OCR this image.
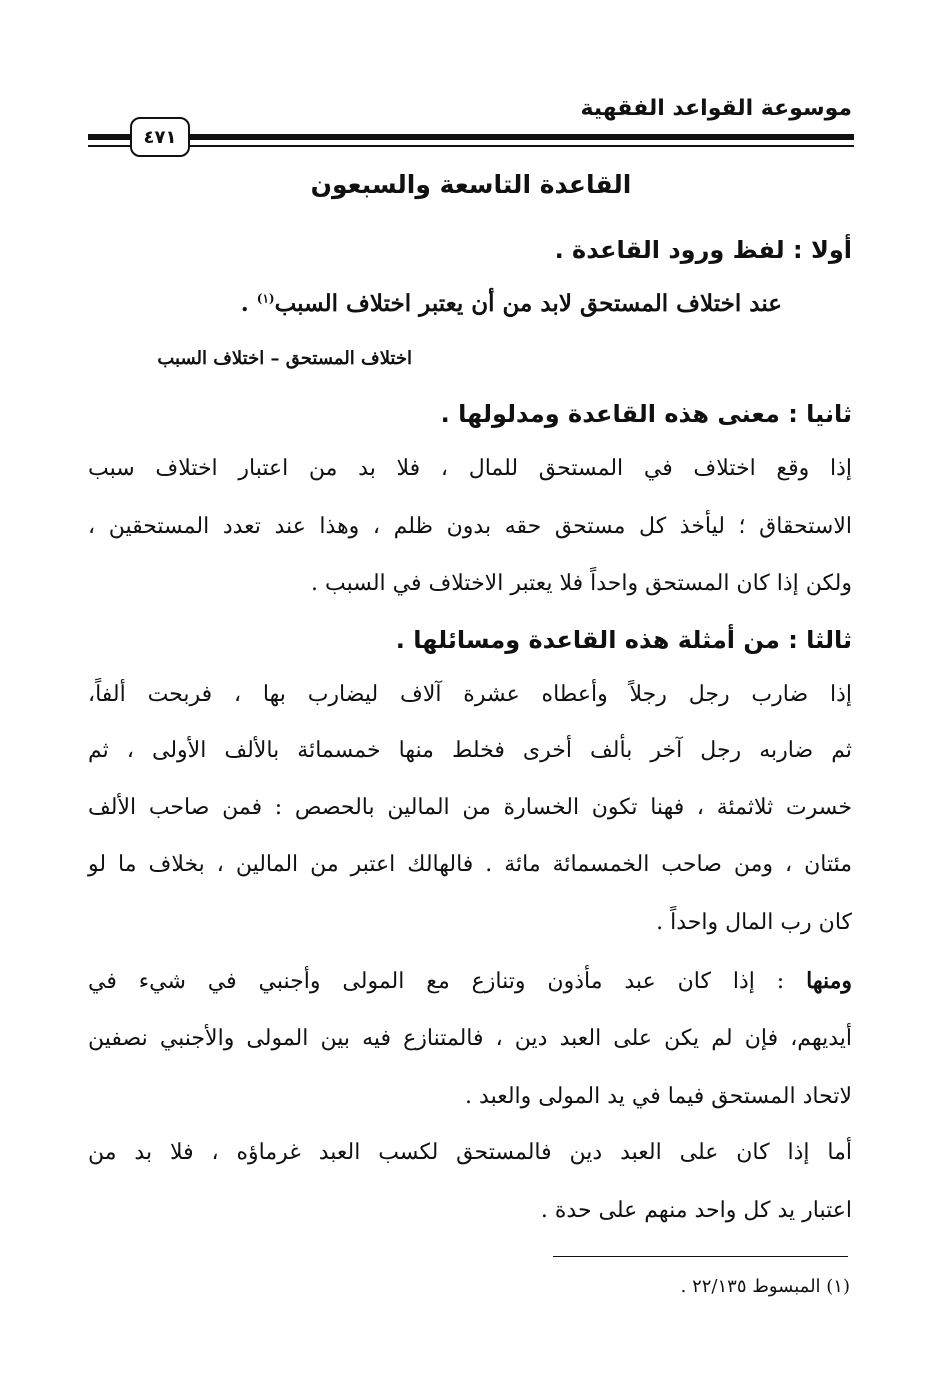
موسوعة القواعد الفقهية
٤٧١
القاعدة التاسعة والسبعون
أولا : لفظ ورود القاعدة .
عند اختلاف المستحق لابد من أن يعتبر اختلاف السبب$^{(١)}$ .
اختلاف المستحق – اختلاف السبب
ثانيا : معنى هذه القاعدة ومدلولها .
إذا وقع اختلاف في المستحق للمال ، فلا بد من اعتبار اختلاف سبب
الاستحقاق ؛ ليأخذ كل مستحق حقه بدون ظلم ، وهذا عند تعدد المستحقين ،
ولكن إذا كان المستحق واحداً فلا يعتبر الاختلاف في السبب .
ثالثا : من أمثلة هذه القاعدة ومسائلها .
إذا ضارب رجل رجلاً وأعطاه عشرة آلاف ليضارب بها ، فربحت ألفاً،
ثم ضاربه رجل آخر بألف أخرى فخلط منها خمسمائة بالألف الأولى ، ثم
خسرت ثلاثمئة ، فهنا تكون الخسارة من المالين بالحصص : فمن صاحب الألف
مئتان ، ومن صاحب الخمسمائة مائة . فالهالك اعتبر من المالين ، بخلاف ما لو
كان رب المال واحداً .
ومنها : إذا كان عبد مأذون وتنازع مع المولى وأجنبي في شيء في
أيديهم، فإن لم يكن على العبد دين ، فالمتنازع فيه بين المولى والأجنبي نصفين
لاتحاد المستحق فيما في يد المولى والعبد .
أما إذا كان على العبد دين فالمستحق لكسب العبد غرماؤه ، فلا بد من
اعتبار يد كل واحد منهم على حدة .
(١) المبسوط ٢٢/١٣٥ .
